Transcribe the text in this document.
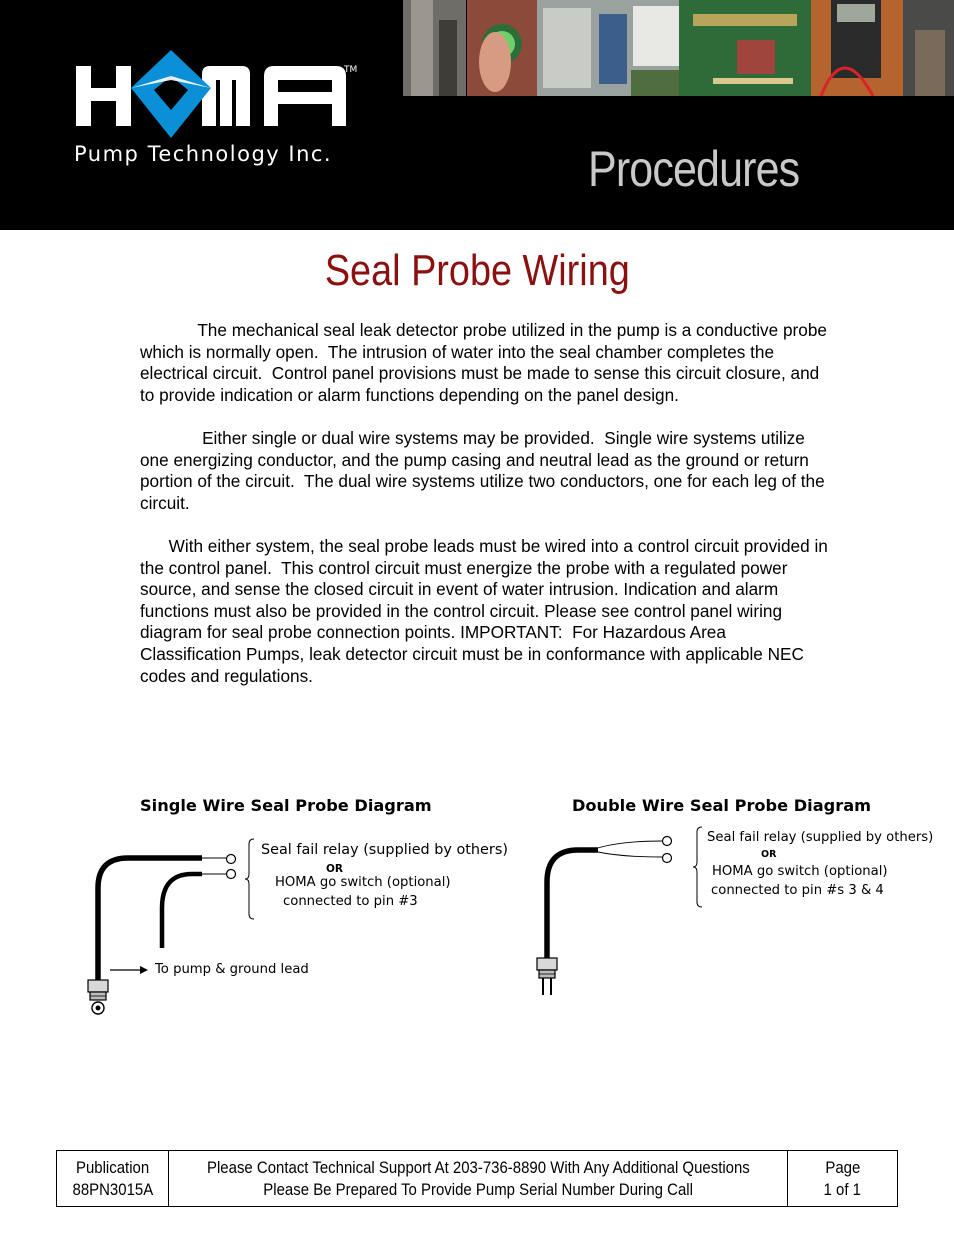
TM
Pump Technology Inc.	Procedures
Seal Probe Wiring

The mechanical seal leak detector probe utilized in the pump is a conductive probe which is normally open.  The intrusion of water into the seal chamber completes the electrical circuit.  Control panel provisions must be made to sense this circuit closure, and to provide indication or alarm functions depending on the panel design.

Either single or dual wire systems may be provided.  Single wire systems utilize one energizing conductor, and the pump casing and neutral lead as the ground or return portion of the circuit.  The dual wire systems utilize two conductors, one for each leg of the circuit.

With either system, the seal probe leads must be wired into a control circuit provided in the control panel.  This control circuit must energize the probe with a regulated power source, and sense the closed circuit in event of water intrusion. Indication and alarm functions must also be provided in the control circuit. Please see control panel wiring diagram for seal probe connection points. IMPORTANT:  For Hazardous Area Classification Pumps, leak detector circuit must be in conformance with applicable NEC codes and regulations.

Single Wire Seal Probe Diagram
Seal fail relay (supplied by others)
OR
HOMA go switch (optional)
connected to pin #3
To pump & ground lead
Double Wire Seal Probe Diagram
Seal fail relay (supplied by others)
OR
HOMA go switch (optional)
connected to pin #s 3 & 4
Publication
88PN3015A
Please Contact Technical Support At 203-736-8890 With Any Additional Questions
Please Be Prepared To Provide Pump Serial Number During Call
Page
1 of 1
